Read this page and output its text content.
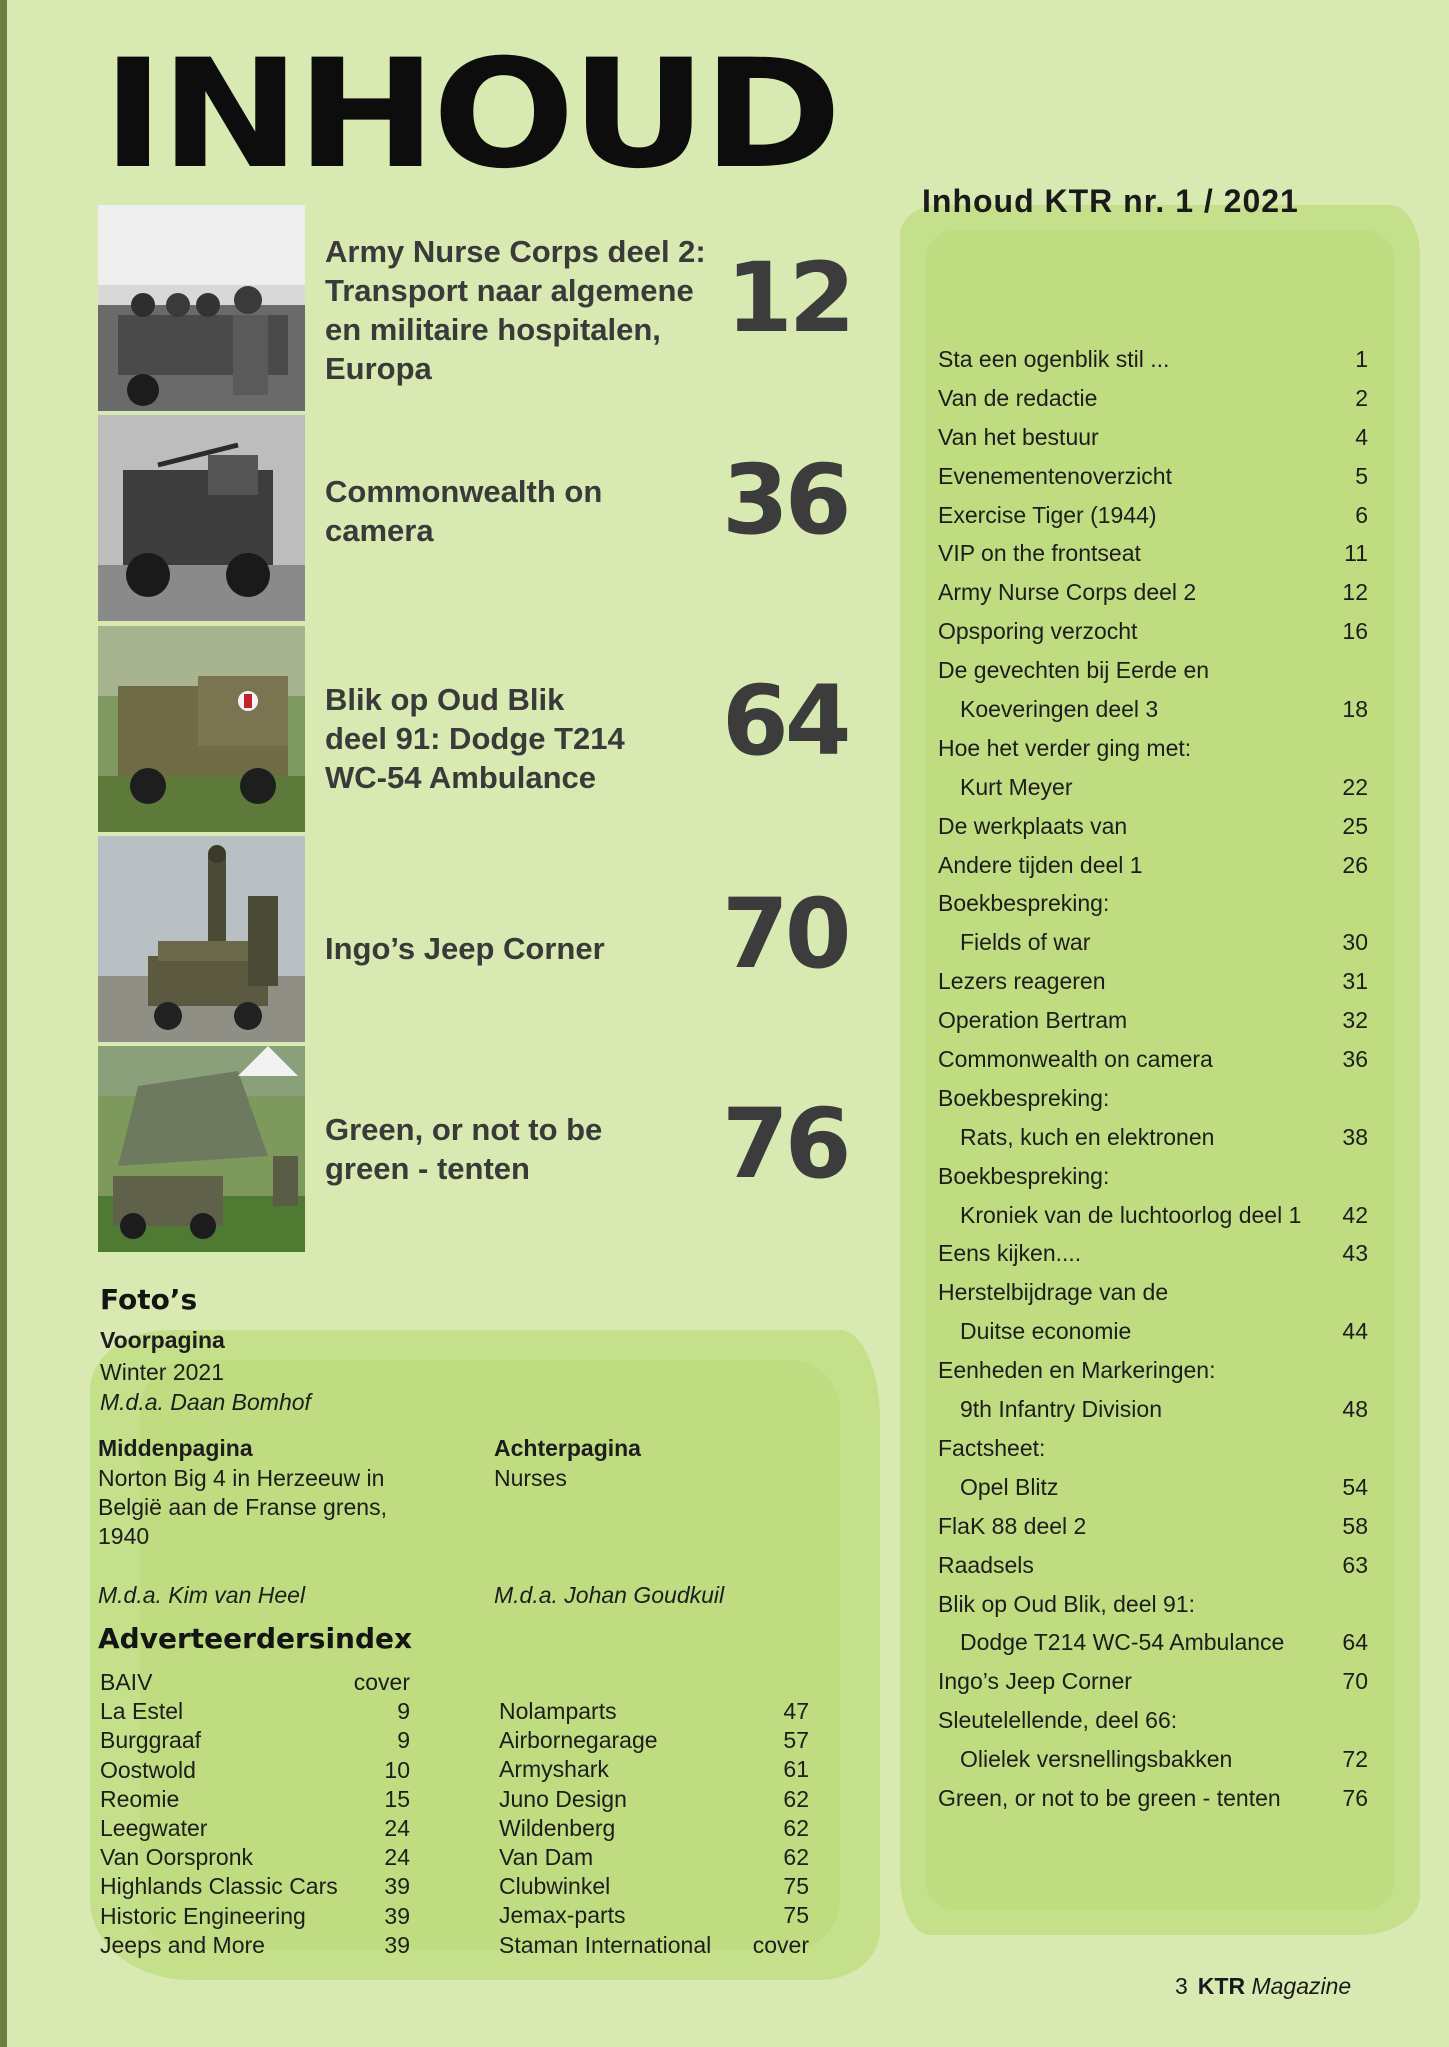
INHOUD
Army Nurse Corps deel 2:
Transport naar algemene
en militaire hospitalen,
Europa
12
Commonwealth on
camera	36
Blik op Oud Blik
deel 91: Dodge T214
WC-54 Ambulance
64
Ingo’s Jeep Corner	70
Green, or not to be
green - tenten	76
Inhoud KTR nr. 1 / 2021
Sta een ogenblik stil ...	1
Van de redactie	2
Van het bestuur	4
Evenementenoverzicht	5
Exercise Tiger (1944)	6
VIP on the frontseat	11
Army Nurse Corps deel 2	12
Opsporing verzocht	16
De gevechten bij Eerde en
Koeveringen deel 3	18
Hoe het verder ging met:
Kurt Meyer	22
De werkplaats van	25
Andere tijden deel 1	26
Boekbespreking:
Fields of war	30
Lezers reageren	31
Operation Bertram	32
Commonwealth on camera	36
Boekbespreking:
Rats, kuch en elektronen	38
Boekbespreking:
Kroniek van de luchtoorlog deel 1 42
Eens kijken....	43
Herstelbijdrage van de
Duitse economie	44
Eenheden en Markeringen:
9th Infantry Division	48
Factsheet:
Opel Blitz	54
FlaK 88 deel 2	58
Raadsels	63
Blik op Oud Blik, deel 91:
Dodge T214 WC-54 Ambulance	64
Ingo’s Jeep Corner	70
Sleutelellende, deel 66:
Olielek versnellingsbakken	72
Green, or not to be green - tenten	76
Foto’s
Voorpagina
Winter 2021
M.d.a. Daan Bomhof
Middenpagina
Norton Big 4 in Herzeeuw in
België aan de Franse grens,
1940
M.d.a. Kim van Heel
Achterpagina
Nurses
M.d.a. Johan Goudkuil
Adverteerdersindex
BAIV	cover
La Estel	9
Burggraaf	9
Oostwold	10
Reomie	15
Leegwater	24
Van Oorspronk	24
Highlands Classic Cars 39
Historic Engineering	39
Jeeps and More	39
Nolamparts	47
Airbornegarage	57
Armyshark	61
Juno Design	62
Wildenberg	62
Van Dam	62
Clubwinkel	75
Jemax-parts	75
Staman International cover
3 KTR Magazine
